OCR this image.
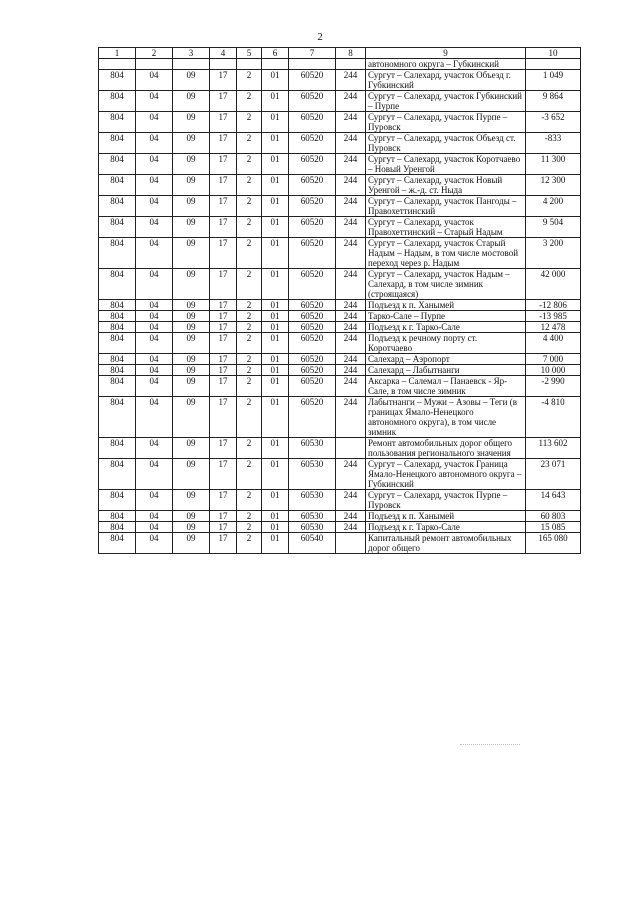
2
1	2	3	4	5	6	7	8	9	10
								автономного округа – Губкинский	
804	04	09	17	2	01	60520	244	Сургут – Салехард, участок Объезд г. Губкинский	1 049
804	04	09	17	2	01	60520	244	Сургут – Салехард, участок Губкинский – Пурпе	9 864
804	04	09	17	2	01	60520	244	Сургут – Салехард, участок Пурпе – Пуровск	-3 652
804	04	09	17	2	01	60520	244	Сургут – Салехард, участок Объезд ст. Пуровск	-833
804	04	09	17	2	01	60520	244	Сургут – Салехард, участок Коротчаево – Новый Уренгой	11 300
804	04	09	17	2	01	60520	244	Сургут – Салехард, участок Новый Уренгой – ж.-д. ст. Ныда	12 300
804	04	09	17	2	01	60520	244	Сургут – Салехард, участок Пангоды – Правохеттинский	4 200
804	04	09	17	2	01	60520	244	Сургут – Салехард, участок Правохеттинский – Старый Надым	9 504
804	04	09	17	2	01	60520	244	Сургут – Салехард, участок Старый Надым – Надым, в том числе мостовой переход через р. Надым	3 200
804	04	09	17	2	01	60520	244	Сургут – Салехард, участок Надым – Салехард, в том числе зимник (строящаяся)	42 000
804	04	09	17	2	01	60520	244	Подъезд к п. Ханымей	-12 806
804	04	09	17	2	01	60520	244	Тарко-Сале – Пурпе	-13 985
804	04	09	17	2	01	60520	244	Подъезд к г. Тарко-Сале	12 478
804	04	09	17	2	01	60520	244	Подъезд к речному порту ст. Коротчаево	4 400
804	04	09	17	2	01	60520	244	Салехард – Аэропорт	7 000
804	04	09	17	2	01	60520	244	Салехард – Лабытнанги	10 000
804	04	09	17	2	01	60520	244	Аксарка – Салемал – Панаевск - Яр-Сале, в том числе зимник	-2 990
804	04	09	17	2	01	60520	244	Лабытнанги – Мужи – Азовы – Теги (в границах Ямало-Ненецкого автономного округа), в том числе зимник	-4 810
804	04	09	17	2	01	60530		Ремонт автомобильных дорог общего пользования регионального значения	113 602
804	04	09	17	2	01	60530	244	Сургут – Салехард, участок Граница Ямало-Ненецкого автономного округа – Губкинский	23 071
804	04	09	17	2	01	60530	244	Сургут – Салехард, участок Пурпе – Пуровск	14 643
804	04	09	17	2	01	60530	244	Подъезд к п. Ханымей	60 803
804	04	09	17	2	01	60530	244	Подъезд к г. Тарко-Сале	15 085
804	04	09	17	2	01	60540		Капитальный ремонт автомобильных дорог общего	165 080
